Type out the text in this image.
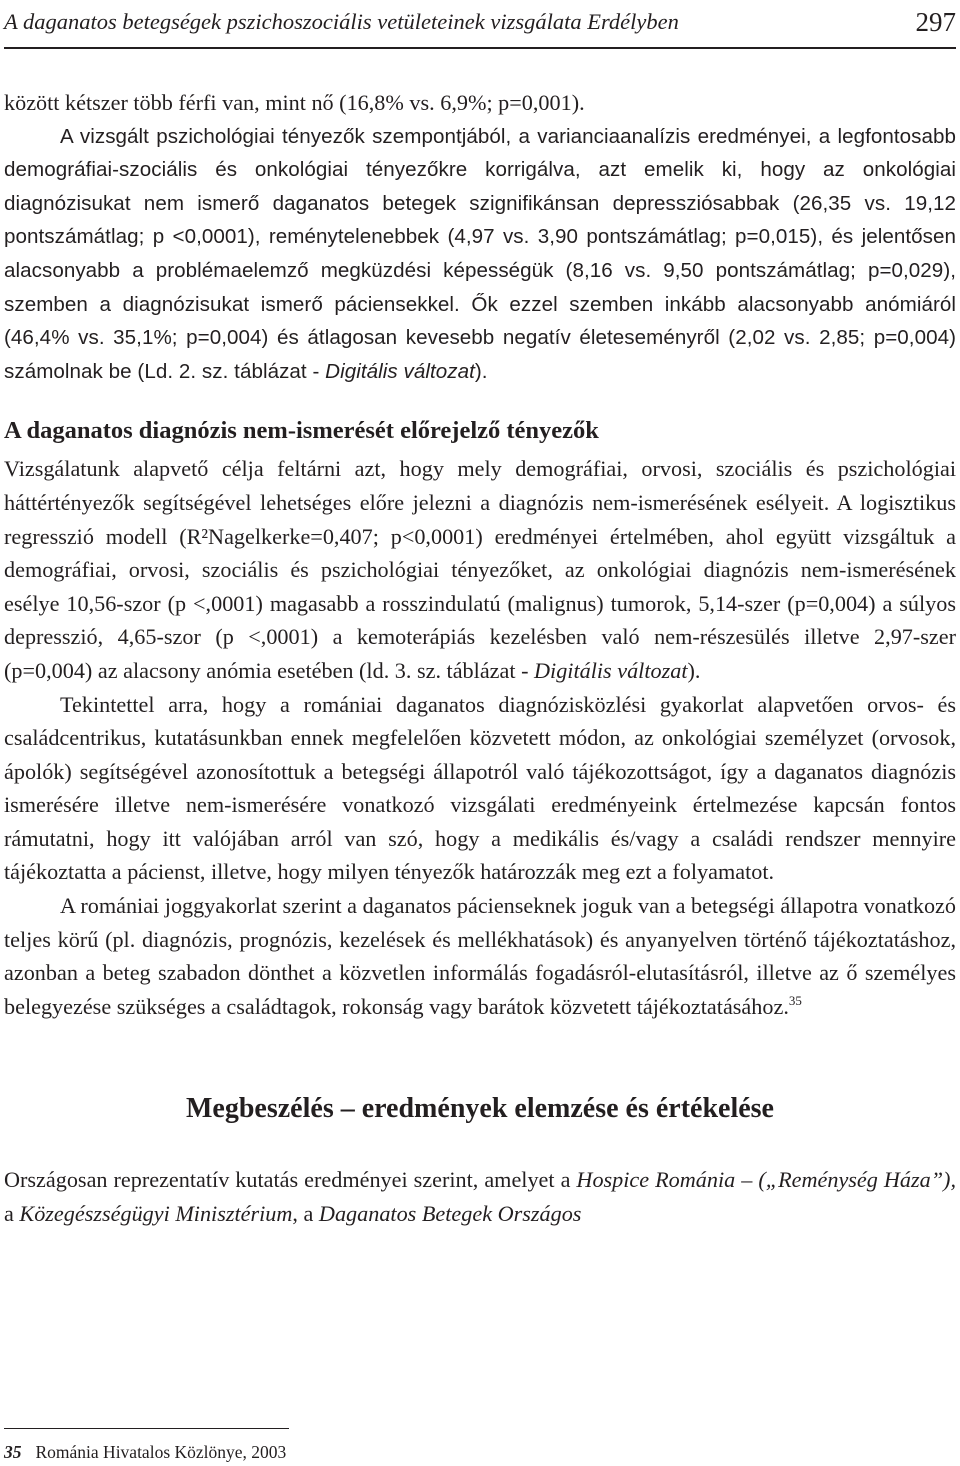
A daganatos betegségek pszichoszociális vetületeinek vizsgálata Erdélyben	297

között kétszer több férfi van, mint nő (16,8% vs. 6,9%; p=0,001).

A vizsgált pszichológiai tényezők szempontjából, a varianciaanalízis eredményei, a legfontosabb demográfiai-szociális és onkológiai tényezőkre korrigálva, azt emelik ki, hogy az onkológiai diagnózisukat nem ismerő daganatos betegek szignifikánsan depressziósabbak (26,35 vs. 19,12 pontszámátlag; p <0,0001), reménytelenebbek (4,97 vs. 3,90 pontszámátlag; p=0,015), és jelentősen alacsonyabb a problémaelemző megküzdési képességük (8,16 vs. 9,50 pontszámátlag; p=0,029), szemben a diagnózisukat ismerő páciensekkel. Ők ezzel szemben inkább alacsonyabb anómiáról (46,4% vs. 35,1%; p=0,004) és átlagosan kevesebb negatív életeseményről (2,02 vs. 2,85; p=0,004) számolnak be (Ld. 2. sz. táblázat - Digitális változat).

A daganatos diagnózis nem-ismerését előrejelző tényezők

Vizsgálatunk alapvető célja feltárni azt, hogy mely demográfiai, orvosi, szociális és pszichológiai háttértényezők segítségével lehetséges előre jelezni a diagnózis nem-ismerésének esélyeit. A logisztikus regresszió modell (R²Nagelkerke=0,407; p<0,0001) eredményei értelmében, ahol együtt vizsgáltuk a demográfiai, orvosi, szociális és pszichológiai tényezőket, az onkológiai diagnózis nem-ismerésének esélye 10,56-szor (p <,0001) magasabb a rosszindulatú (malignus) tumorok, 5,14-szer (p=0,004) a súlyos depresszió, 4,65-szor (p <,0001) a kemoterápiás kezelésben való nem-részesülés illetve 2,97-szer (p=0,004) az alacsony anómia esetében (ld. 3. sz. táblázat - Digitális változat).

Tekintettel arra, hogy a romániai daganatos diagnózisközlési gyakorlat alapvetően orvos- és családcentrikus, kutatásunkban ennek megfelelően közvetett módon, az onkológiai személyzet (orvosok, ápolók) segítségével azonosítottuk a betegségi állapotról való tájékozottságot, így a daganatos diagnózis ismerésére illetve nem-ismerésére vonatkozó vizsgálati eredményeink értelmezése kapcsán fontos rámutatni, hogy itt valójában arról van szó, hogy a medikális és/vagy a családi rendszer mennyire tájékoztatta a pácienst, illetve, hogy milyen tényezők határozzák meg ezt a folyamatot.

A romániai joggyakorlat szerint a daganatos pácienseknek joguk van a betegségi állapotra vonatkozó teljes körű (pl. diagnózis, prognózis, kezelések és mellékhatások) és anyanyelven történő tájékoztatáshoz, azonban a beteg szabadon dönthet a közvetlen informálás fogadásról-elutasításról, illetve az ő személyes belegyezése szükséges a családtagok, rokonság vagy barátok közvetett tájékoztatásához.$^{35}$

Megbeszélés – eredmények elemzése és értékelése

Országosan reprezentatív kutatás eredményei szerint, amelyet a Hospice Románia – („Reménység Háza”), a Közegészségügyi Minisztérium, a Daganatos Betegek Országos

35 Románia Hivatalos Közlönye, 2003
